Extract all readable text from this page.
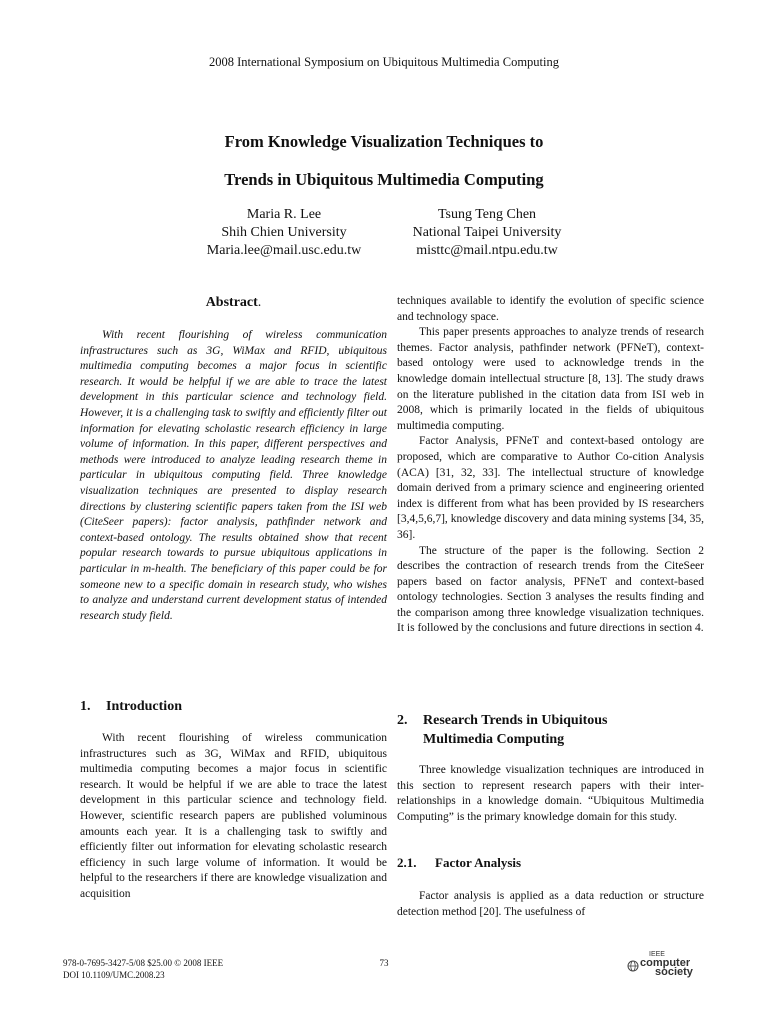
2008 International Symposium on Ubiquitous Multimedia Computing
From Knowledge Visualization Techniques to
Trends in Ubiquitous Multimedia Computing
Maria R. Lee
Shih Chien University
Maria.lee@mail.usc.edu.tw
Tsung Teng Chen
National Taipei University
misttc@mail.ntpu.edu.tw
Abstract.

With recent flourishing of wireless communication infrastructures such as 3G, WiMax and RFID, ubiquitous multimedia computing becomes a major focus in scientific research. It would be helpful if we are able to trace the latest development in this particular science and technology field. However, it is a challenging task to swiftly and efficiently filter out information for elevating scholastic research efficiency in large volume of information. In this paper, different perspectives and methods were introduced to analyze leading research theme in particular in ubiquitous computing field. Three knowledge visualization techniques are presented to display research directions by clustering scientific papers taken from the ISI web (CiteSeer papers): factor analysis, pathfinder network and context-based ontology. The results obtained show that recent popular research towards to pursue ubiquitous applications in particular in m-health. The beneficiary of this paper could be for someone new to a specific domain in research study, who wishes to analyze and understand current development status of intended research study field.

1. Introduction

With recent flourishing of wireless communication infrastructures such as 3G, WiMax and RFID, ubiquitous multimedia computing becomes a major focus in scientific research. It would be helpful if we are able to trace the latest development in this particular science and technology field. However, scientific research papers are published voluminous amounts each year. It is a challenging task to swiftly and efficiently filter out information for elevating scholastic research efficiency in such large volume of information. It would be helpful to the researchers if there are knowledge visualization and acquisition

techniques available to identify the evolution of specific science and technology space.

This paper presents approaches to analyze trends of research themes. Factor analysis, pathfinder network (PFNeT), context-based ontology were used to acknowledge trends in the knowledge domain intellectual structure [8, 13]. The study draws on the literature published in the citation data from ISI web in 2008, which is primarily located in the fields of ubiquitous multimedia computing.

Factor Analysis, PFNeT and context-based ontology are proposed, which are comparative to Author Co-cition Analysis (ACA) [31, 32, 33]. The intellectual structure of knowledge domain derived from a primary science and engineering oriented index is different from what has been provided by IS researchers [3,4,5,6,7], knowledge discovery and data mining systems [34, 35, 36].

The structure of the paper is the following. Section 2 describes the contraction of research trends from the CiteSeer papers based on factor analysis, PFNeT and context-based ontology technologies. Section 3 analyses the results finding and the comparison among three knowledge visualization techniques. It is followed by the conclusions and future directions in section 4.

2. Research Trends in Ubiquitous
Multimedia Computing

Three knowledge visualization techniques are introduced in this section to represent research papers with their inter-relationships in a knowledge domain. “Ubiquitous Multimedia Computing” is the primary knowledge domain for this study.

2.1. Factor Analysis

Factor analysis is applied as a data reduction or structure detection method [20]. The usefulness of

978-0-7695-3427-5/08 $25.00 © 2008 IEEE
DOI 10.1109/UMC.2008.23
73
IEEE
computer
society
